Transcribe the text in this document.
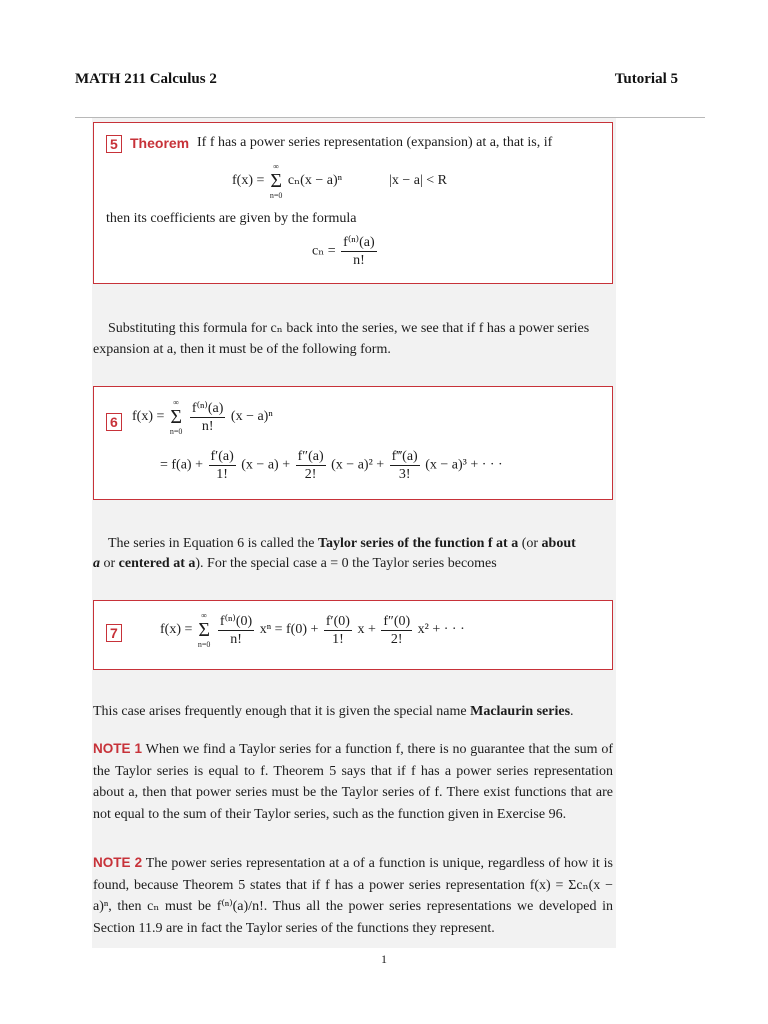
MATH 211 Calculus 2	Tutorial 5
5 Theorem If f has a power series representation (expansion) at a, that is, if
f(x) =
∞
Σ
n=0
cₙ(x − a)ⁿ	|x − a| < R
then its coefficients are given by the formula
$c_n = \frac{\text{f⁽ⁿ⁾(a)}}{n!}$
Substituting this formula for cₙ back into the series, we see that if f has a power series
expansion at a, then it must be of the following form.
6 f(x) =
∞
Σ
n=0
$\frac{\text{f⁽ⁿ⁾(a)}}{n!} (x - a)^n$
= $f(a) + \frac{f'(a)}{1!} (x - a) + \frac{f''(a)}{2!} (x - a)^2 + \frac{f‴(a)}{3!} (x - a)^3$ + · · ·
The series in Equation 6 is called the Taylor series of the function f at a (or about
a or centered at a). For the special case a = 0 the Taylor series becomes
7	f(x) =
∞
Σ
n=0
$\frac{\text{f⁽ⁿ⁾(0)}}{n!}$ $x^n = f(0) + \frac{f'(0)}{1!}$ $x + \frac{f''(0)}{2!} x^2$ + · · ·
This case arises frequently enough that it is given the special name Maclaurin series.
NOTE 1 When we find a Taylor series for a function f, there is no guarantee that the sum of the Taylor series is equal to f. Theorem 5 says that if f has a power series representation about a, then that power series must be the Taylor series of f. There exist functions that are not equal to the sum of their Taylor series, such as the function given in Exercise 96.
NOTE 2 The power series representation at a of a function is unique, regardless of how it is found, because Theorem 5 states that if f has a power series representation f(x) = Σcₙ(x − a)ⁿ, then cₙ must be f⁽ⁿ⁾(a)/n!. Thus all the power series representations we developed in Section 11.9 are in fact the Taylor series of the functions they represent.
1
